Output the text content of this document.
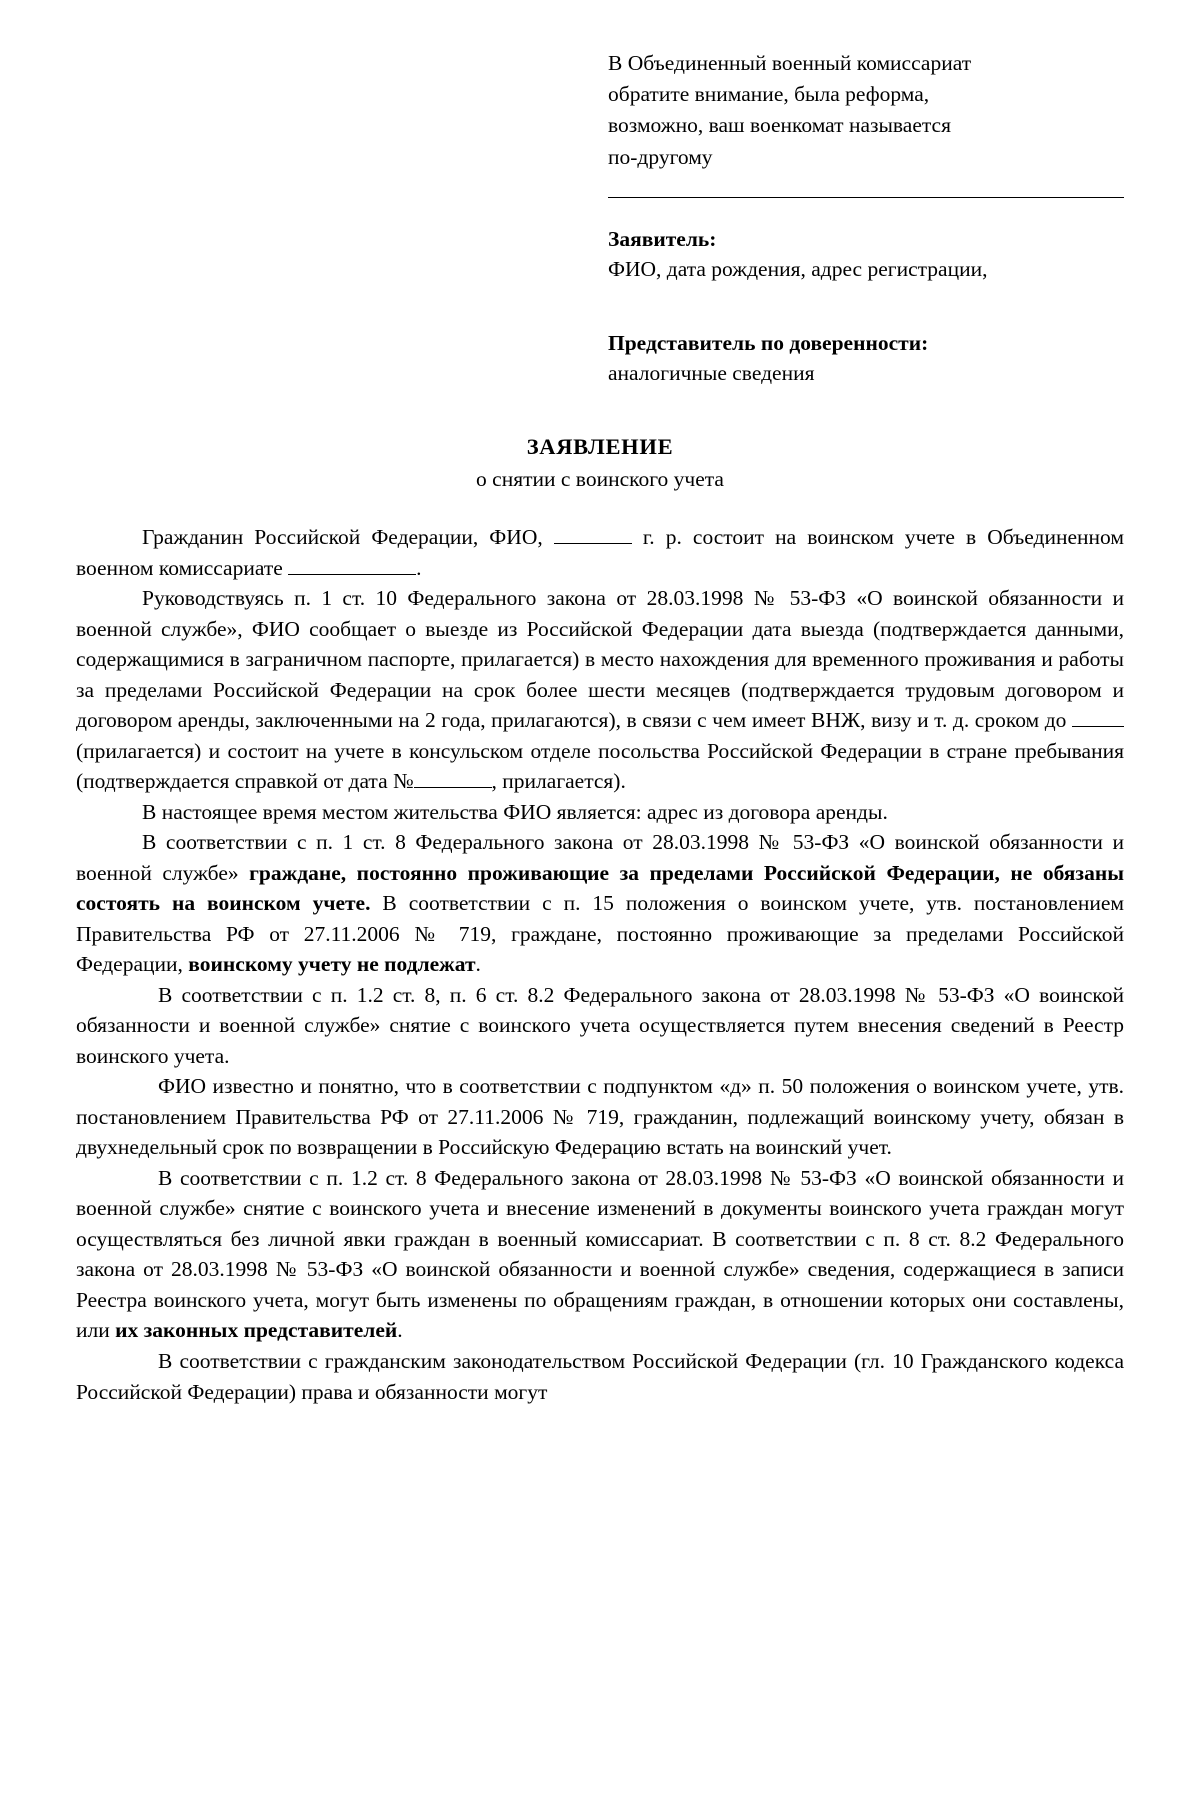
В Объединенный военный комиссариат
обратите внимание, была реформа,
возможно, ваш военкомат называется
по-другому
Заявитель:
ФИО, дата рождения, адрес регистрации,
Представитель по доверенности:
аналогичные сведения
ЗАЯВЛЕНИЕ
о снятии с воинского учета

Гражданин Российской Федерации, ФИО,	г. р. состоит на воинском учете в Объединенном военном комиссариате	.

Руководствуясь п. 1 ст. 10 Федерального закона от 28.03.1998 № 53-ФЗ «О воинской обязанности и военной службе», ФИО сообщает о выезде из Российской Федерации дата выезда (подтверждается данными, содержащимися в заграничном паспорте, прилагается) в место нахождения для временного проживания и работы за пределами Российской Федерации на срок более шести месяцев (подтверждается трудовым договором и договором аренды, заключенными на 2 года, прилагаются), в связи с чем имеет ВНЖ, визу и т. д. сроком до  (прилагается) и состоит на учете в консульском отделе посольства Российской Федерации в стране пребывания (подтверждается справкой от дата №	, прилагается).

В настоящее время местом жительства ФИО является: адрес из договора аренды.

В соответствии с п. 1 ст. 8 Федерального закона от 28.03.1998 № 53-ФЗ «О воинской обязанности и военной службе» граждане, постоянно проживающие за пределами Российской Федерации, не обязаны состоять на воинском учете. В соответствии с п. 15 положения о воинском учете, утв. постановлением Правительства РФ от 27.11.2006 № 719, граждане, постоянно проживающие за пределами Российской Федерации, воинскому учету не подлежат.

В соответствии с п. 1.2 ст. 8, п. 6 ст. 8.2 Федерального закона от 28.03.1998 № 53-ФЗ «О воинской обязанности и военной службе» снятие с воинского учета осуществляется путем внесения сведений в Реестр воинского учета.

ФИО известно и понятно, что в соответствии с подпунктом «д» п. 50 положения о воинском учете, утв. постановлением Правительства РФ от 27.11.2006 № 719, гражданин, подлежащий воинскому учету, обязан в двухнедельный срок по возвращении в Российскую Федерацию встать на воинский учет.

В соответствии с п. 1.2 ст. 8 Федерального закона от 28.03.1998 № 53-ФЗ «О воинской обязанности и военной службе» снятие с воинского учета и внесение изменений в документы воинского учета граждан могут осуществляться без личной явки граждан в военный комиссариат. В соответствии с п. 8 ст. 8.2 Федерального закона от 28.03.1998 № 53-ФЗ «О воинской обязанности и военной службе» сведения, содержащиеся в записи Реестра воинского учета, могут быть изменены по обращениям граждан, в отношении которых они составлены, или их законных представителей.

В соответствии с гражданским законодательством Российской Федерации (гл. 10 Гражданского кодекса Российской Федерации) права и обязанности могут
